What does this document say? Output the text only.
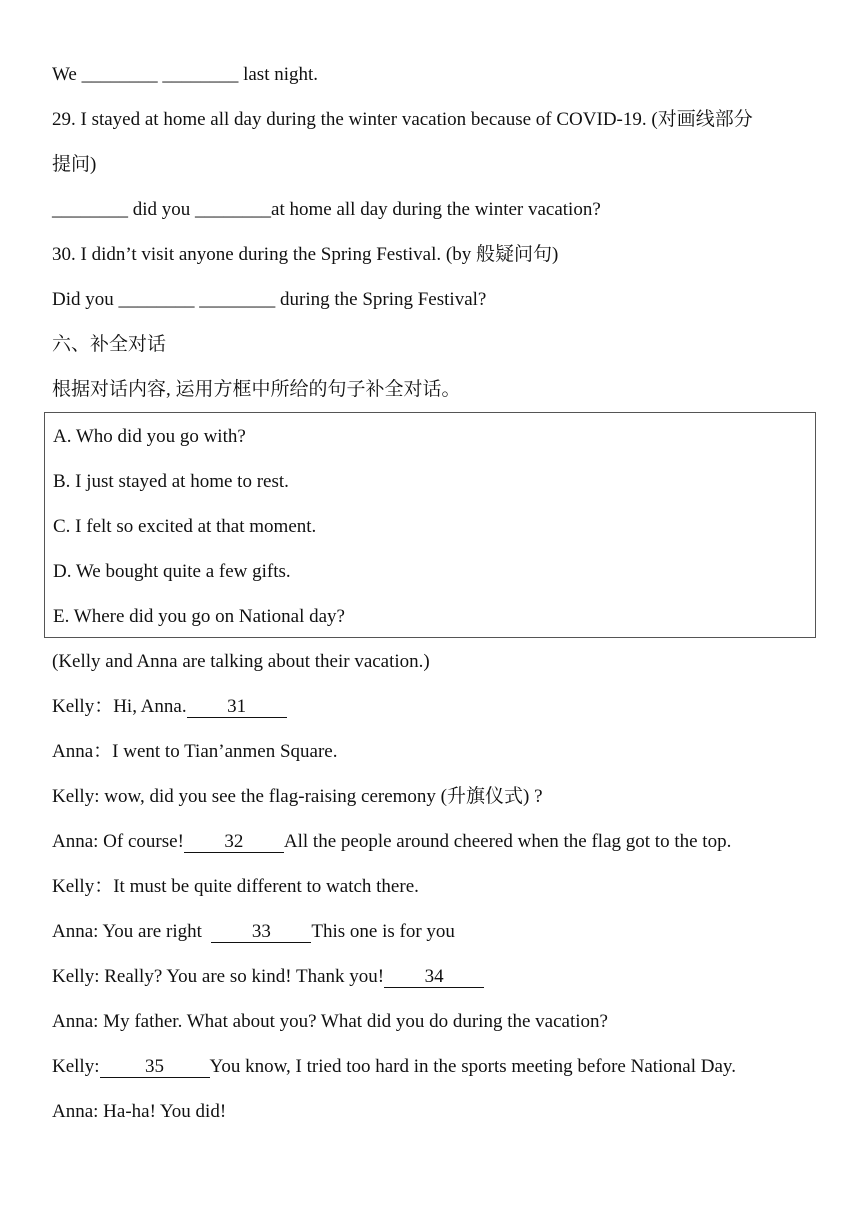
We ________ ________ last night.
29. I stayed at home all day during the winter vacation because of COVID-19. (对画线部分
提问)
________ did you ________at home all day during the winter vacation?
30. I didn’t visit anyone during the Spring Festival. (by 般疑问句)
Did you ________ ________ during the Spring Festival?
六、补全对话
根据对话内容, 运用方框中所给的句子补全对话。
A. Who did you go with?
B. I just stayed at home to rest.
C. I felt so excited at that moment.
D. We bought quite a few gifts.
E. Where did you go on National day?
(Kelly and Anna are talking about their vacation.)
Kelly：Hi, Anna. 31
Anna：I went to Tian’anmen Square.
Kelly: wow, did you see the flag-raising ceremony (升旗仪式) ?
Anna: Of course! 32 All the people around cheered when the flag got to the top.
Kelly：It must be quite different to watch there.
Anna: You are right  33 This one is for you
Kelly: Really? You are so kind! Thank you! 34
Anna: My father. What about you? What did you do during the vacation?
Kelly: 35 You know, I tried too hard in the sports meeting before National Day.
Anna: Ha-ha! You did!
